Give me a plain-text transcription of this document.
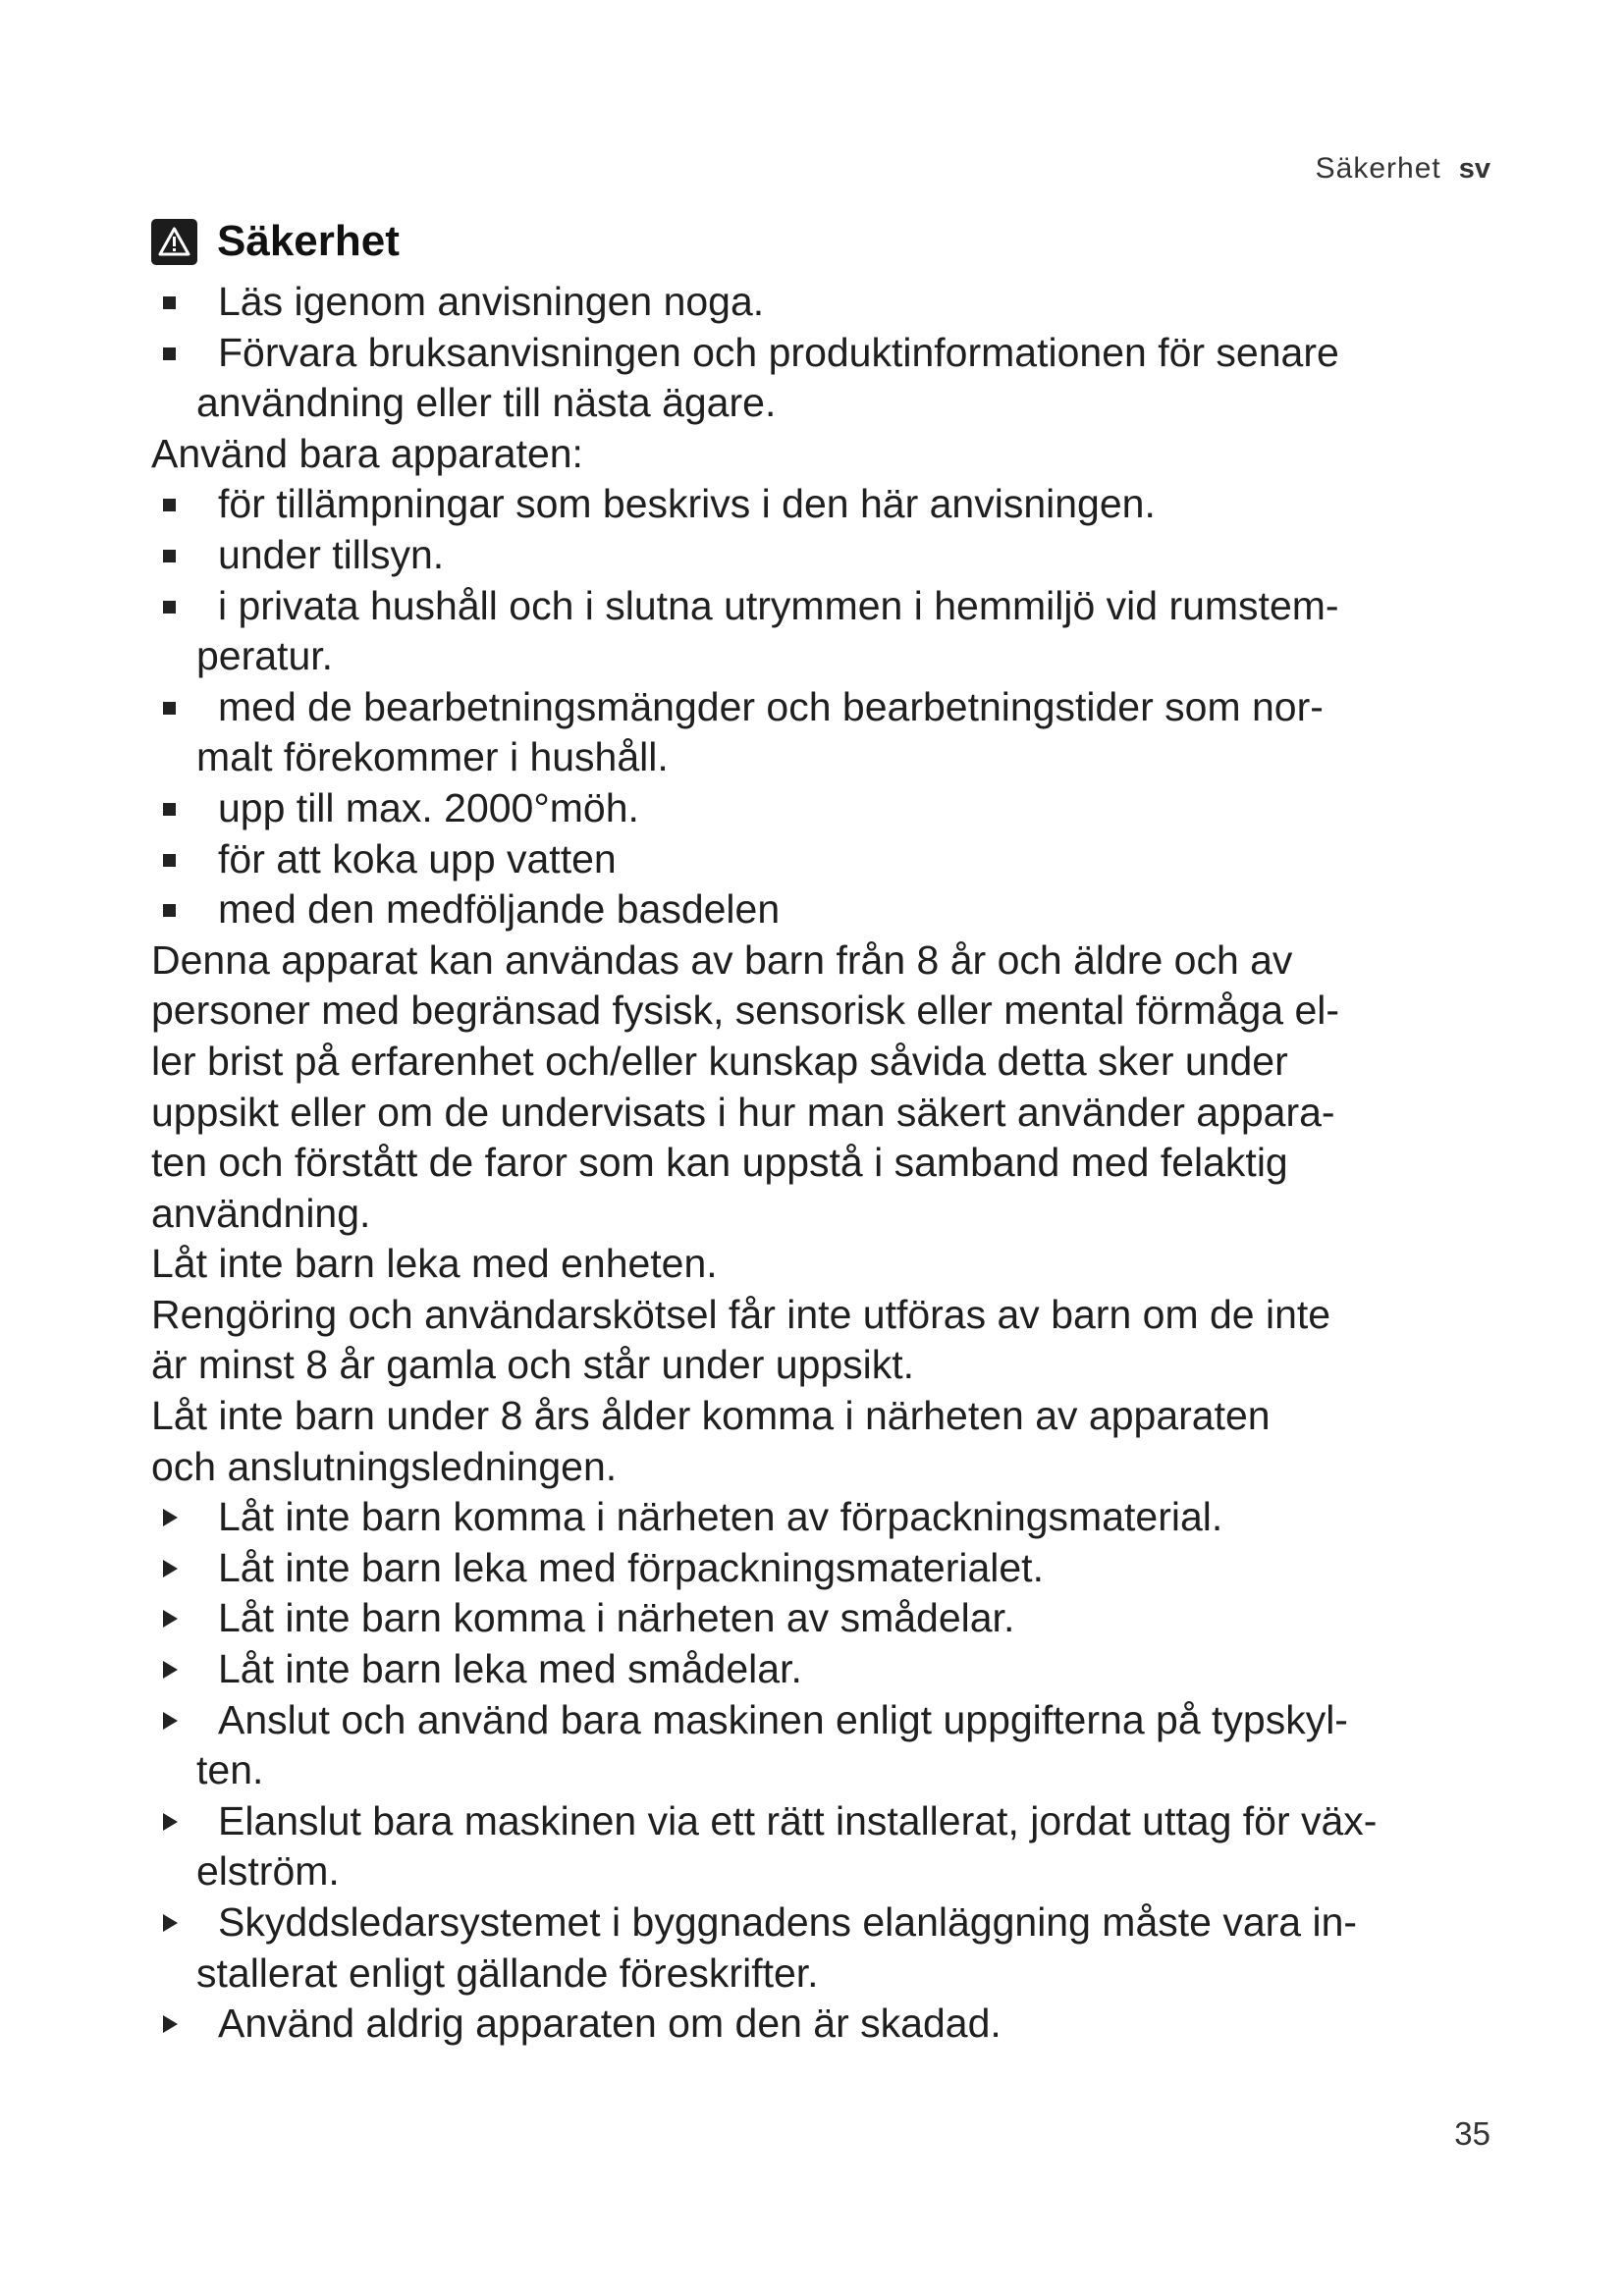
Säkerhet sv
Säkerhet
Läs igenom anvisningen noga.
Förvara bruksanvisningen och produktinformationen för senare
användning eller till nästa ägare.
Använd bara apparaten:
för tillämpningar som beskrivs i den här anvisningen.
under tillsyn.
i privata hushåll och i slutna utrymmen i hemmiljö vid rumstem-
peratur.
med de bearbetningsmängder och bearbetningstider som nor-
malt förekommer i hushåll.
upp till max. 2000°möh.
för att koka upp vatten
med den medföljande basdelen
Denna apparat kan användas av barn från 8 år och äldre och av
personer med begränsad fysisk, sensorisk eller mental förmåga el-
ler brist på erfarenhet och/eller kunskap såvida detta sker under
uppsikt eller om de undervisats i hur man säkert använder appara-
ten och förstått de faror som kan uppstå i samband med felaktig
användning.
Låt inte barn leka med enheten.
Rengöring och användarskötsel får inte utföras av barn om de inte
är minst 8 år gamla och står under uppsikt.
Låt inte barn under 8 års ålder komma i närheten av apparaten
och anslutningsledningen.
Låt inte barn komma i närheten av förpackningsmaterial.
Låt inte barn leka med förpackningsmaterialet.
Låt inte barn komma i närheten av smådelar.
Låt inte barn leka med smådelar.
Anslut och använd bara maskinen enligt uppgifterna på typskyl-
ten.
Elanslut bara maskinen via ett rätt installerat, jordat uttag för väx-
elström.
Skyddsledarsystemet i byggnadens elanläggning måste vara in-
stallerat enligt gällande föreskrifter.
Använd aldrig apparaten om den är skadad.
35
